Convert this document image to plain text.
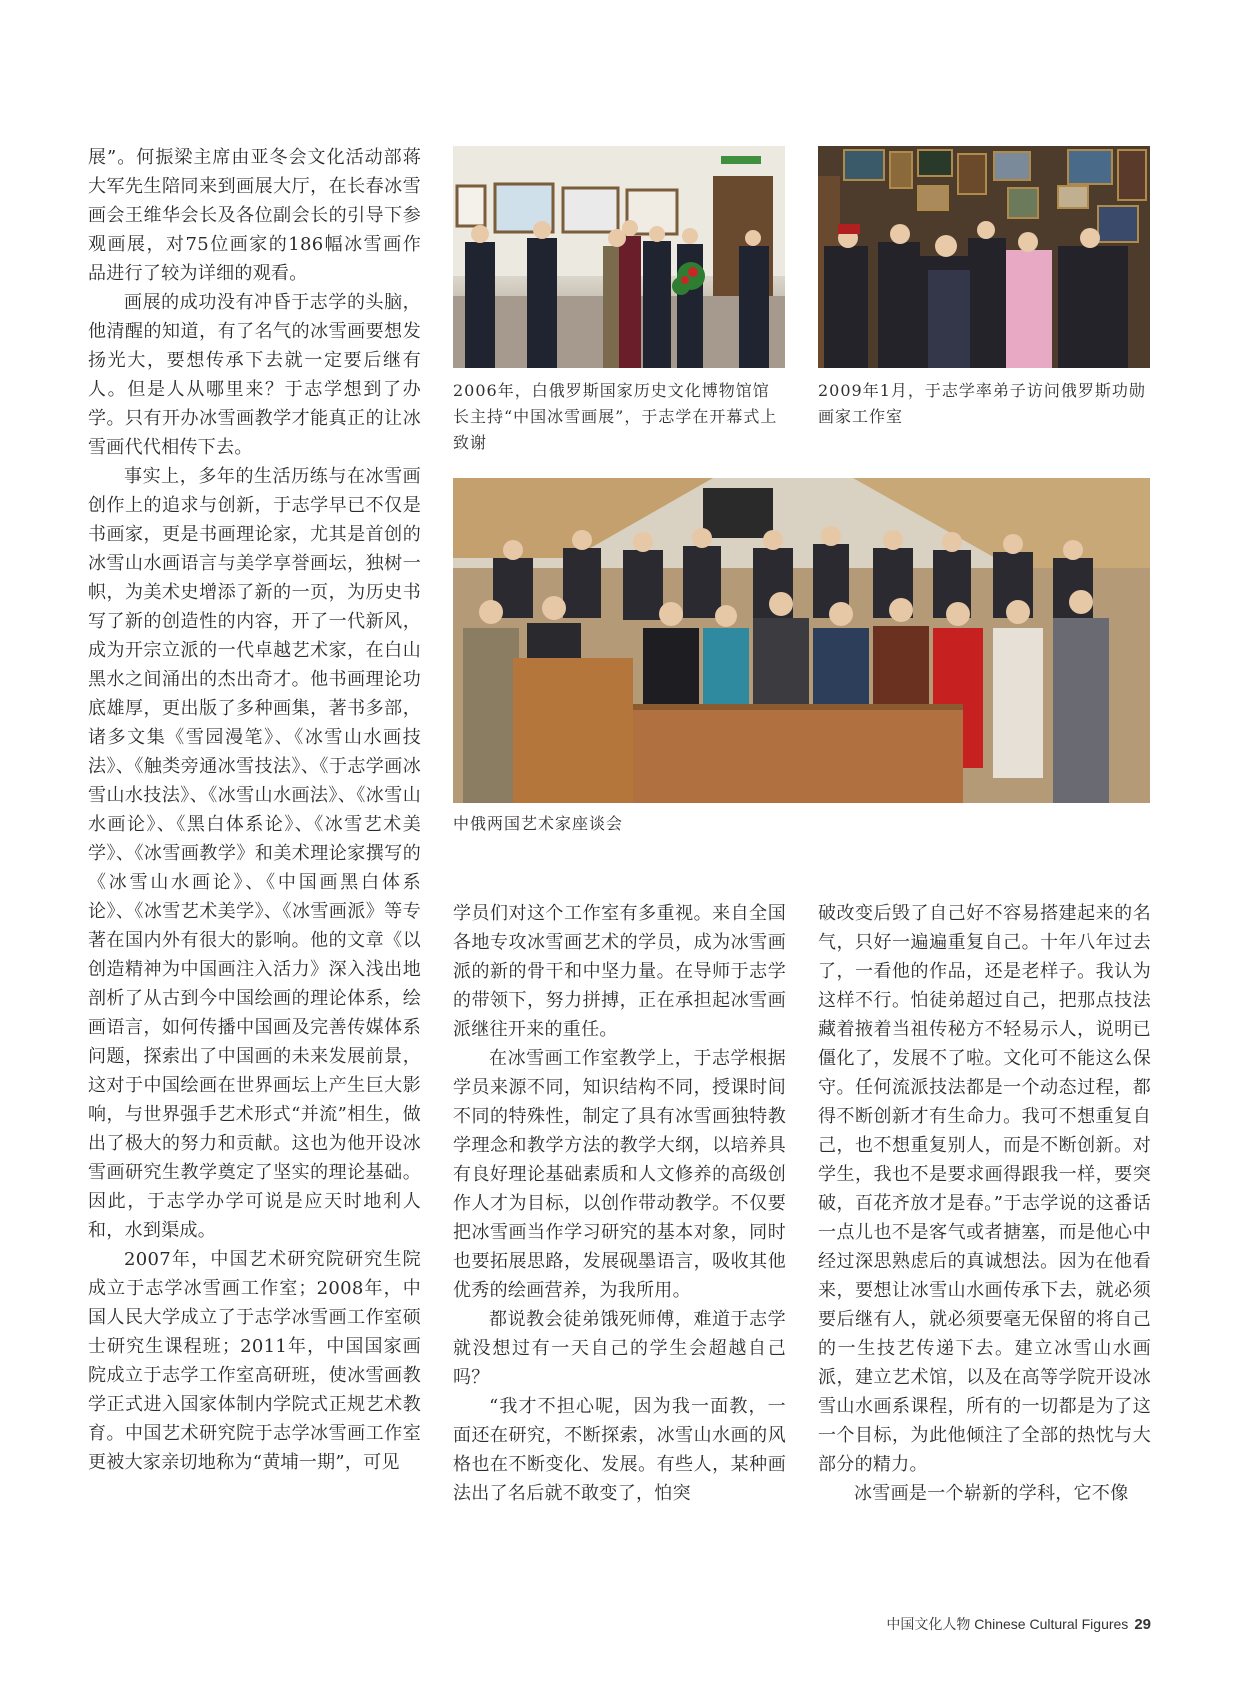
展”。何振梁主席由亚冬会文化活动部蒋大军先生陪同来到画展大厅，在长春冰雪画会王维华会长及各位副会长的引导下参观画展，对75位画家的186幅冰雪画作品进行了较为详细的观看。

画展的成功没有冲昏于志学的头脑，他清醒的知道，有了名气的冰雪画要想发扬光大，要想传承下去就一定要后继有人。但是人从哪里来？于志学想到了办学。只有开办冰雪画教学才能真正的让冰雪画代代相传下去。

事实上，多年的生活历练与在冰雪画创作上的追求与创新，于志学早已不仅是书画家，更是书画理论家，尤其是首创的冰雪山水画语言与美学享誉画坛，独树一帜，为美术史增添了新的一页，为历史书写了新的创造性的内容，开了一代新风，成为开宗立派的一代卓越艺术家，在白山黑水之间涌出的杰出奇才。他书画理论功底雄厚，更出版了多种画集，著书多部，诸多文集《雪园漫笔》、《冰雪山水画技法》、《触类旁通冰雪技法》、《于志学画冰雪山水技法》、《冰雪山水画法》、《冰雪山水画论》、《黑白体系论》、《冰雪艺术美学》、《冰雪画教学》和美术理论家撰写的《冰雪山水画论》、《中国画黑白体系论》、《冰雪艺术美学》、《冰雪画派》等专著在国内外有很大的影响。他的文章《以创造精神为中国画注入活力》深入浅出地剖析了从古到今中国绘画的理论体系，绘画语言，如何传播中国画及完善传媒体系问题，探索出了中国画的未来发展前景，这对于中国绘画在世界画坛上产生巨大影响，与世界强手艺术形式“并流”相生，做出了极大的努力和贡献。这也为他开设冰雪画研究生教学奠定了坚实的理论基础。因此，于志学办学可说是应天时地利人和，水到渠成。

2007年，中国艺术研究院研究生院成立于志学冰雪画工作室；2008年，中国人民大学成立了于志学冰雪画工作室硕士研究生课程班；2011年，中国国家画院成立于志学工作室高研班，使冰雪画教学正式进入国家体制内学院式正规艺术教育。中国艺术研究院于志学冰雪画工作室更被大家亲切地称为“黄埔一期”，可见

2006年，白俄罗斯国家历史文化博物馆馆长主持“中国冰雪画展”，于志学在开幕式上致谢
2009年1月，于志学率弟子访问俄罗斯功勋画家工作室
中俄两国艺术家座谈会

学员们对这个工作室有多重视。来自全国各地专攻冰雪画艺术的学员，成为冰雪画派的新的骨干和中坚力量。在导师于志学的带领下，努力拼搏，正在承担起冰雪画派继往开来的重任。

在冰雪画工作室教学上，于志学根据学员来源不同，知识结构不同，授课时间不同的特殊性，制定了具有冰雪画独特教学理念和教学方法的教学大纲，以培养具有良好理论基础素质和人文修养的高级创作人才为目标，以创作带动教学。不仅要把冰雪画当作学习研究的基本对象，同时也要拓展思路，发展砚墨语言，吸收其他优秀的绘画营养，为我所用。

都说教会徒弟饿死师傅，难道于志学就没想过有一天自己的学生会超越自己吗？

“我才不担心呢，因为我一面教，一面还在研究，不断探索，冰雪山水画的风格也在不断变化、发展。有些人，某种画法出了名后就不敢变了，怕突

破改变后毁了自己好不容易搭建起来的名气，只好一遍遍重复自己。十年八年过去了，一看他的作品，还是老样子。我认为这样不行。怕徒弟超过自己，把那点技法藏着掖着当祖传秘方不轻易示人，说明已僵化了，发展不了啦。文化可不能这么保守。任何流派技法都是一个动态过程，都得不断创新才有生命力。我可不想重复自己，也不想重复别人，而是不断创新。对学生，我也不是要求画得跟我一样，要突破，百花齐放才是春。”于志学说的这番话一点儿也不是客气或者搪塞，而是他心中经过深思熟虑后的真诚想法。因为在他看来，要想让冰雪山水画传承下去，就必须要后继有人，就必须要毫无保留的将自己的一生技艺传递下去。建立冰雪山水画派，建立艺术馆，以及在高等学院开设冰雪山水画系课程，所有的一切都是为了这一个目标，为此他倾注了全部的热忱与大部分的精力。

冰雪画是一个崭新的学科，它不像

中国文化人物 Chinese Cultural Figures 29
